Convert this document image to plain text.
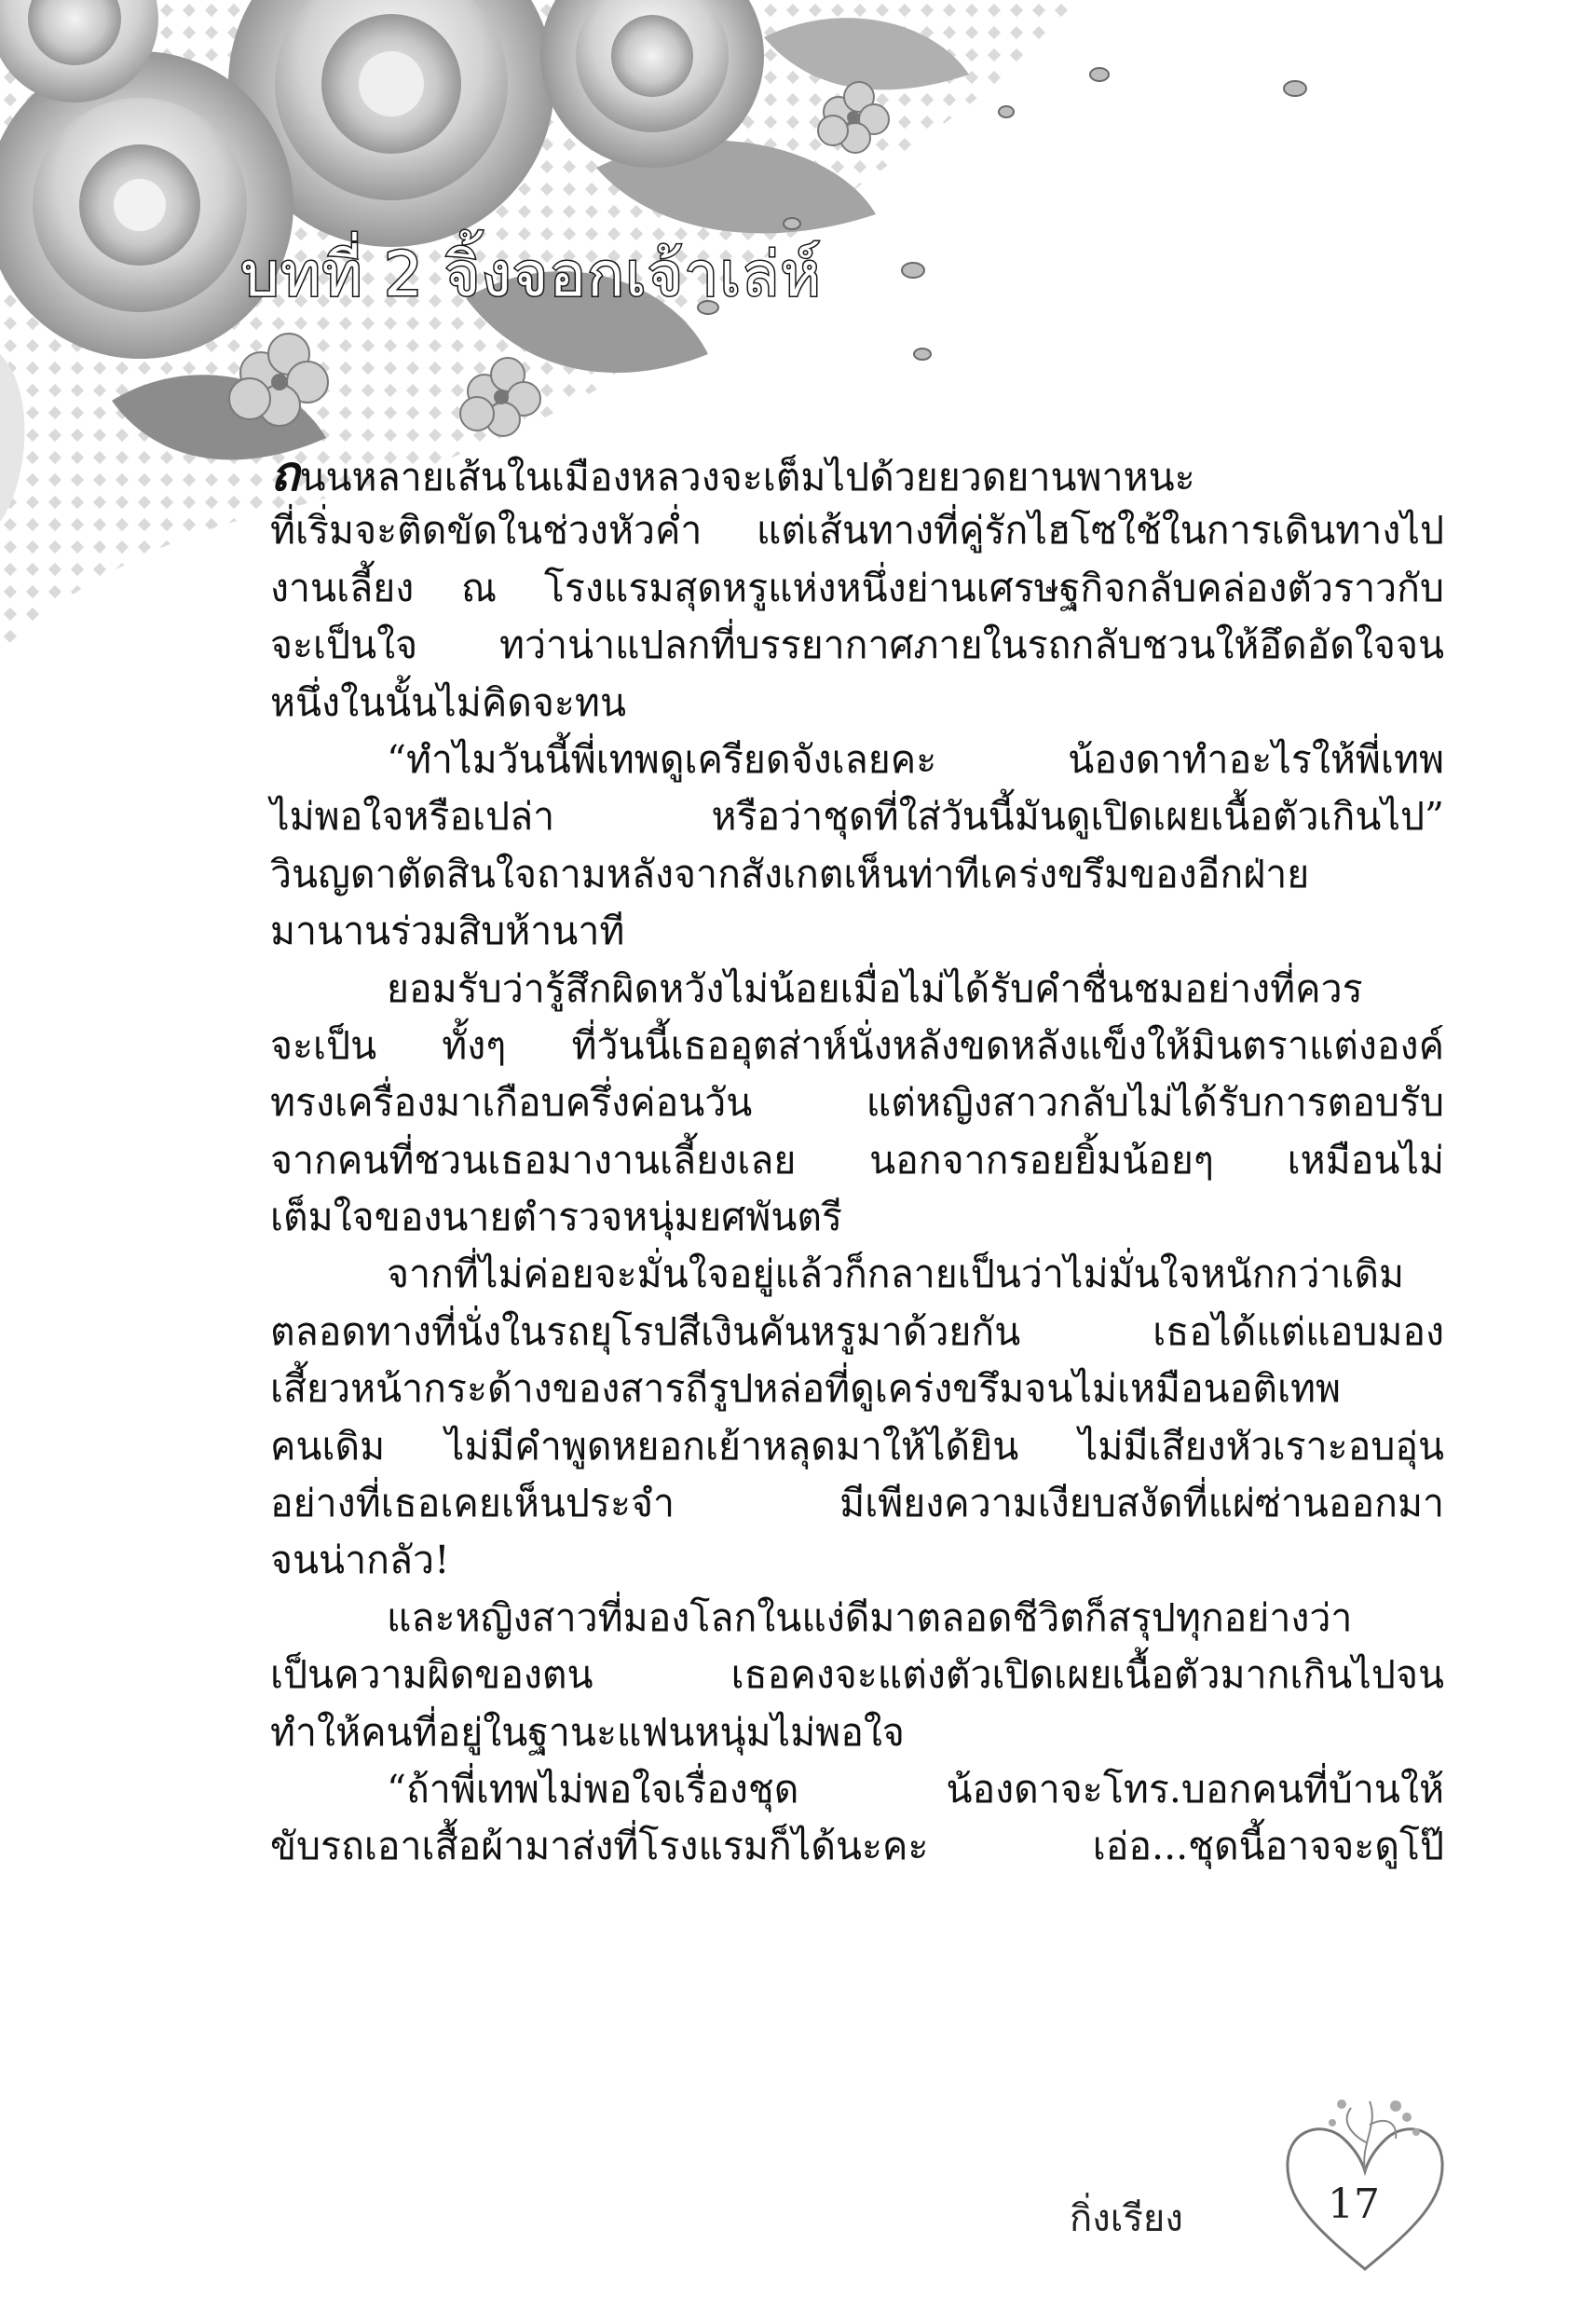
บทที่ 2 จิ้งจอกเจ้าเล่ห์
ถนนหลายเส้นในเมืองหลวงจะเต็มไปด้วยยวดยานพาหนะ
ที่เริ่มจะติดขัดในช่วงหัวค่ำ แต่เส้นทางที่คู่รักไฮโซใช้ในการเดินทางไป
งานเลี้ยง ณ โรงแรมสุดหรูแห่งหนึ่งย่านเศรษฐกิจกลับคล่องตัวราวกับ
จะเป็นใจ ทว่าน่าแปลกที่บรรยากาศภายในรถกลับชวนให้อึดอัดใจจน
หนึ่งในนั้นไม่คิดจะทน
“ทำไมวันนี้พี่เทพดูเครียดจังเลยคะ น้องดาทำอะไรให้พี่เทพ
ไม่พอใจหรือเปล่า หรือว่าชุดที่ใส่วันนี้มันดูเปิดเผยเนื้อตัวเกินไป”
วินญดาตัดสินใจถามหลังจากสังเกตเห็นท่าทีเคร่งขรึมของอีกฝ่าย
มานานร่วมสิบห้านาที
ยอมรับว่ารู้สึกผิดหวังไม่น้อยเมื่อไม่ได้รับคำชื่นชมอย่างที่ควร
จะเป็น ทั้งๆ ที่วันนี้เธออุตส่าห์นั่งหลังขดหลังแข็งให้มินตราแต่งองค์
ทรงเครื่องมาเกือบครึ่งค่อนวัน แต่หญิงสาวกลับไม่ได้รับการตอบรับ
จากคนที่ชวนเธอมางานเลี้ยงเลย นอกจากรอยยิ้มน้อยๆ เหมือนไม่
เต็มใจของนายตำรวจหนุ่มยศพันตรี
จากที่ไม่ค่อยจะมั่นใจอยู่แล้วก็กลายเป็นว่าไม่มั่นใจหนักกว่าเดิม
ตลอดทางที่นั่งในรถยุโรปสีเงินคันหรูมาด้วยกัน เธอได้แต่แอบมอง
เสี้ยวหน้ากระด้างของสารถีรูปหล่อที่ดูเคร่งขรึมจนไม่เหมือนอติเทพ
คนเดิม ไม่มีคำพูดหยอกเย้าหลุดมาให้ได้ยิน ไม่มีเสียงหัวเราะอบอุ่น
อย่างที่เธอเคยเห็นประจำ มีเพียงความเงียบสงัดที่แผ่ซ่านออกมา
จนน่ากลัว!
และหญิงสาวที่มองโลกในแง่ดีมาตลอดชีวิตก็สรุปทุกอย่างว่า
เป็นความผิดของตน เธอคงจะแต่งตัวเปิดเผยเนื้อตัวมากเกินไปจน
ทำให้คนที่อยู่ในฐานะแฟนหนุ่มไม่พอใจ
“ถ้าพี่เทพไม่พอใจเรื่องชุด น้องดาจะโทร.บอกคนที่บ้านให้
ขับรถเอาเสื้อผ้ามาส่งที่โรงแรมก็ได้นะคะ เอ่อ...ชุดนี้อาจจะดูโป๊
กิ่งเรียง	17
